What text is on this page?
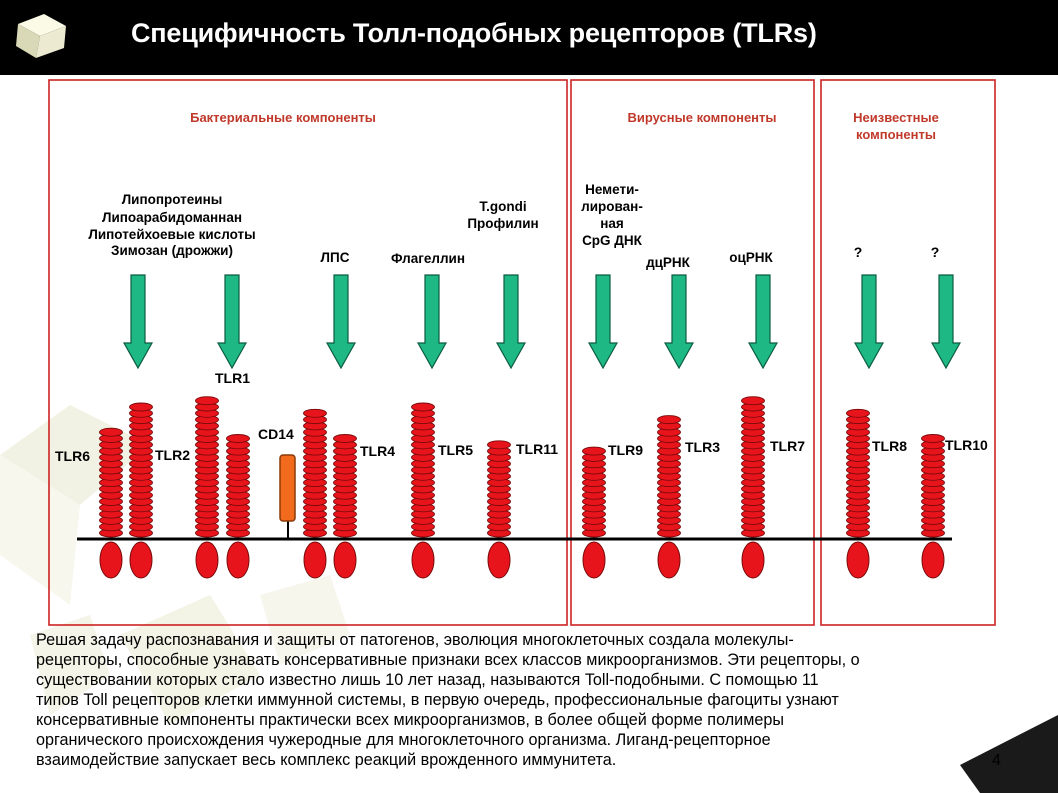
Специфичность Толл-подобных рецепторов (TLRs)
Бактериальные компоненты	Вирусные компоненты	Неизвестные
компоненты
Липопротеины
Липоарабидоманнан
Липотейхоевые кислоты
Зимозан (дрожжи)	ЛПС	Флагеллин
T.gondi
Профилин
Немети-
лирован-
ная
CpG ДНК
дцРНК	оцРНК	?	?
TLR6	TLR2
TLR1
CD14
TLR4	TLR5	TLR11	TLR9	TLR3	TLR7	TLR8	TLR10
Решая задачу распознавания и защиты от патогенов, эволюция многоклеточных создала молекулы-
рецепторы, способные узнавать консервативные признаки всех классов микроорганизмов. Эти рецепторы, о
существовании которых стало известно лишь 10 лет назад, называются Toll-подобными. С помощью 11
типов Toll рецепторов клетки иммунной системы, в первую очередь, профессиональные фагоциты узнают
консервативные компоненты практически всех микроорганизмов, в более общей форме полимеры
органического происхождения чужеродные для многоклеточного организма. Лиганд-рецепторное
взаимодействие запускает весь комплекс реакций врожденного иммунитета.	4
